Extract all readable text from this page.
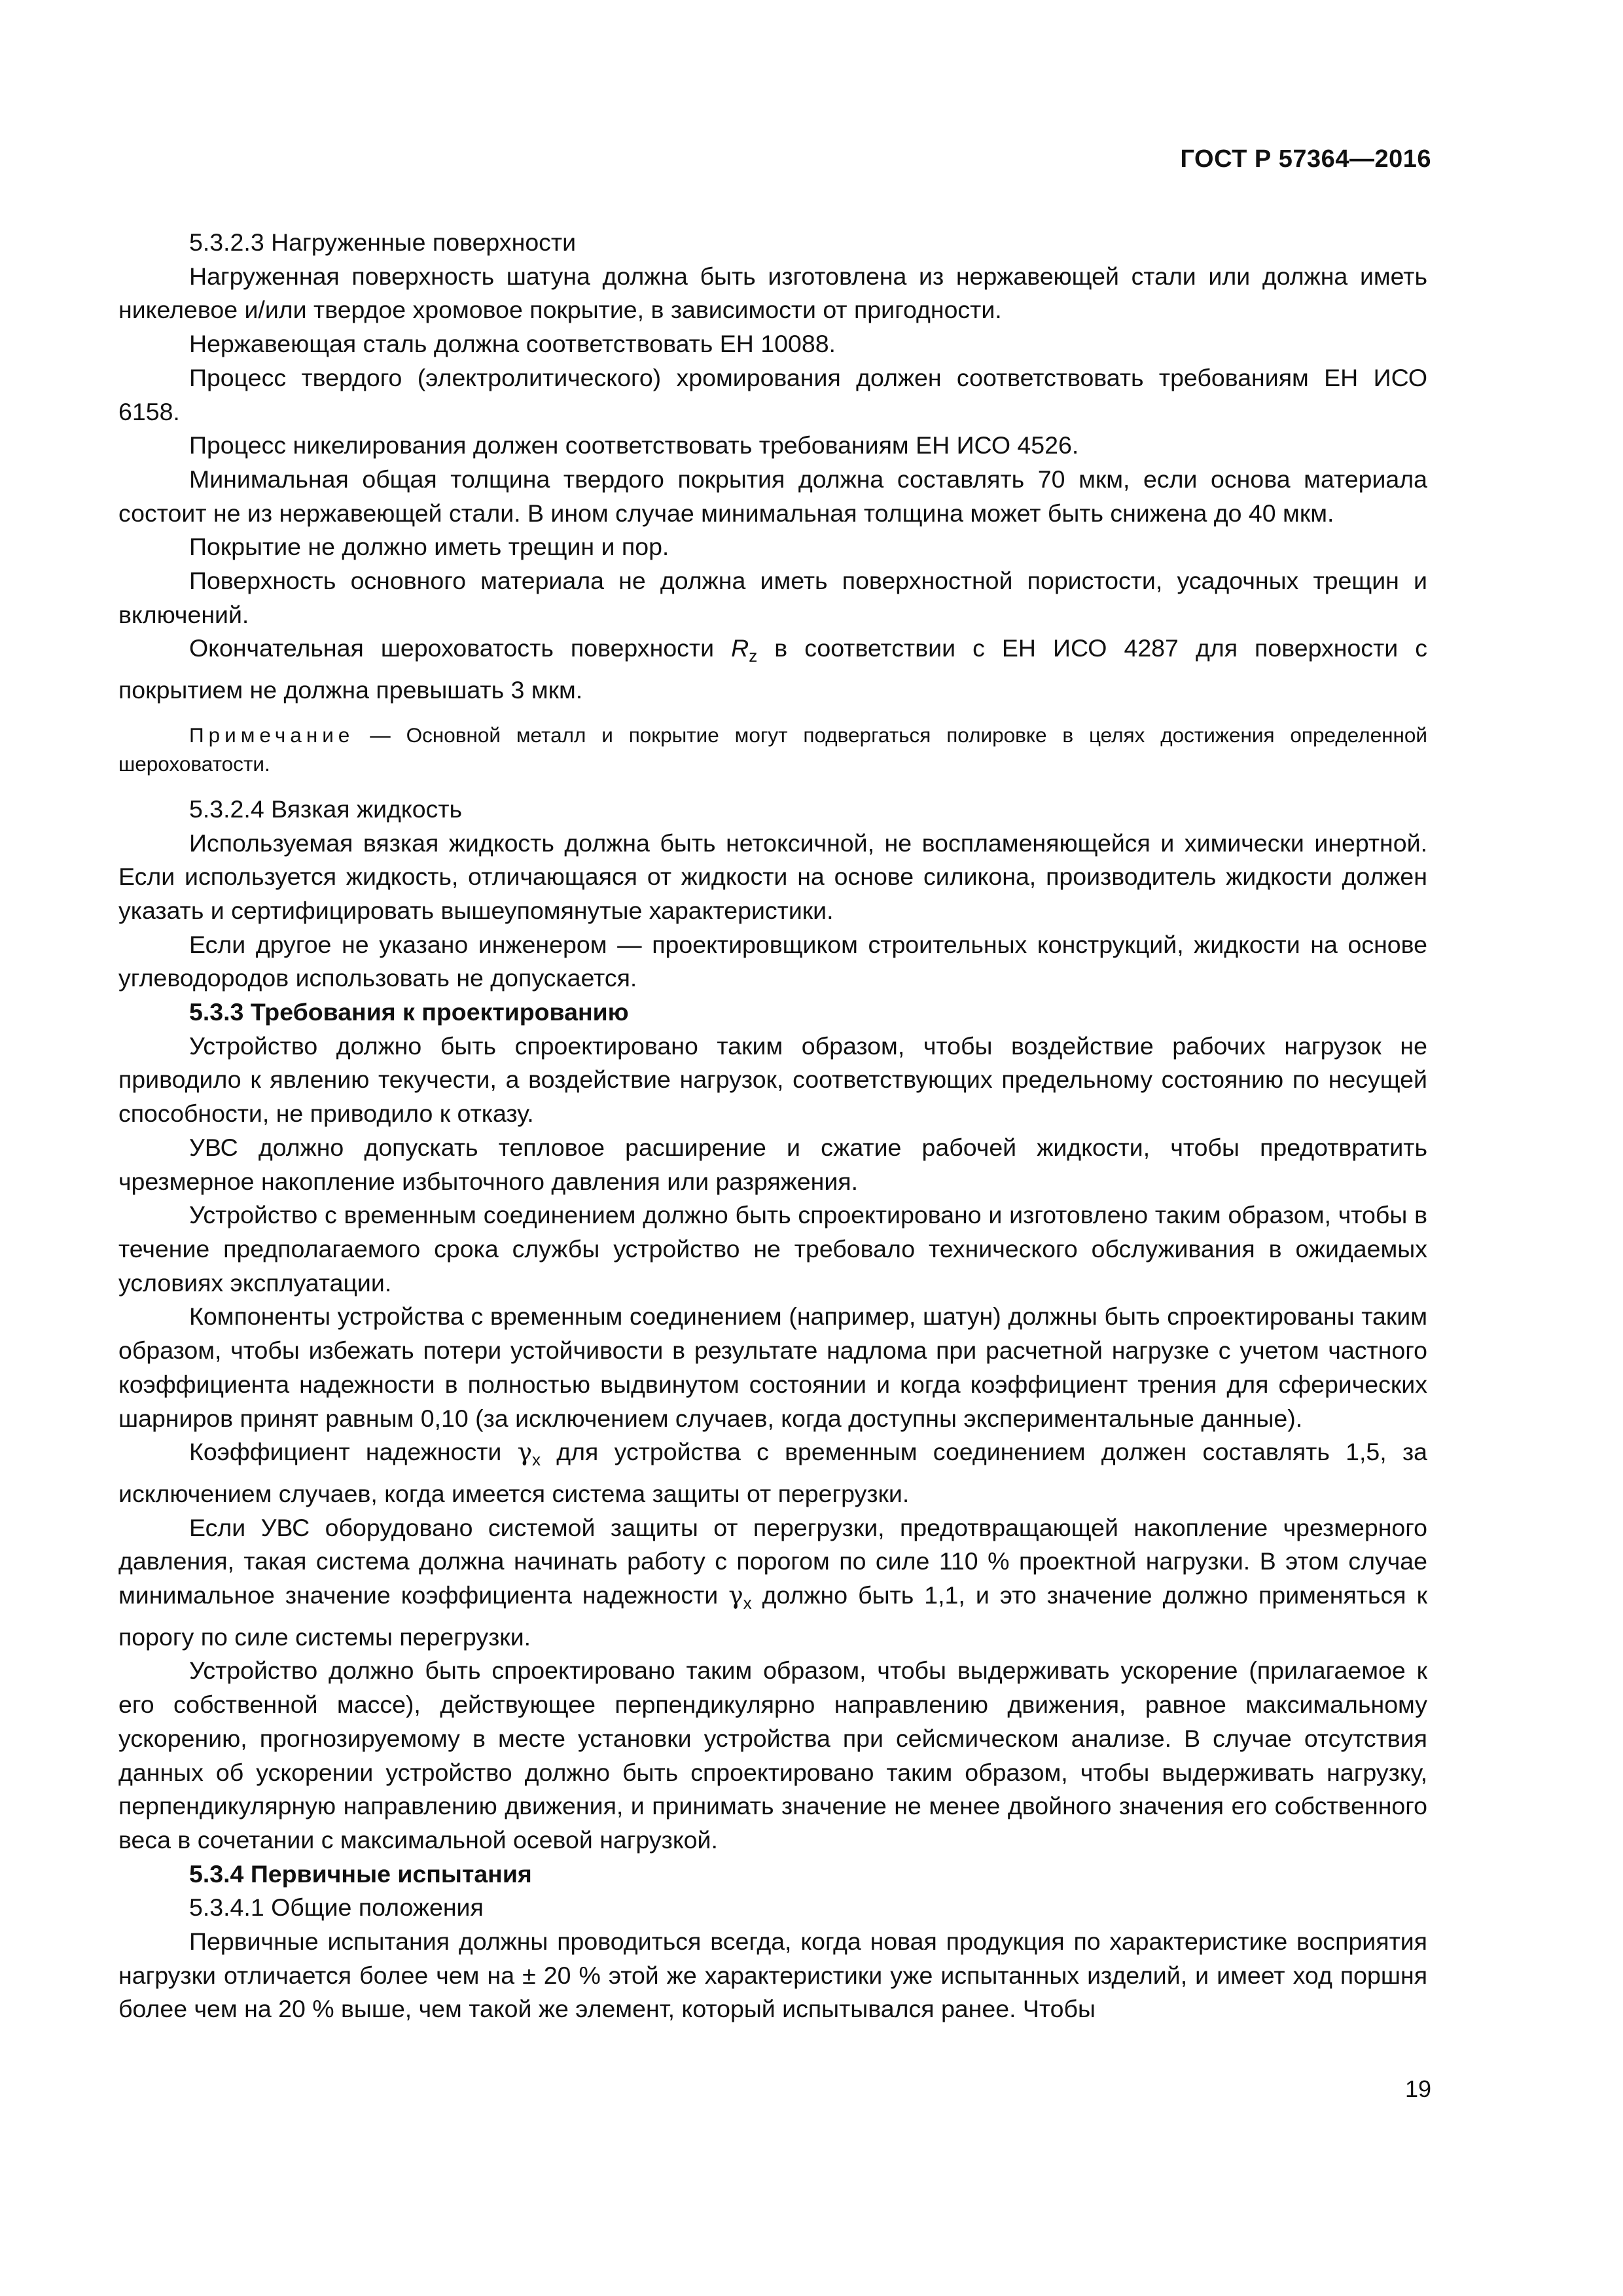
ГОСТ Р 57364—2016

5.3.2.3 Нагруженные поверхности

Нагруженная поверхность шатуна должна быть изготовлена из нержавеющей стали или должна иметь никелевое и/или твердое хромовое покрытие, в зависимости от пригодности.

Нержавеющая сталь должна соответствовать ЕН 10088.

Процесс твердого (электролитического) хромирования должен соответствовать требованиям ЕН ИСО 6158.

Процесс никелирования должен соответствовать требованиям ЕН ИСО 4526.

Минимальная общая толщина твердого покрытия должна составлять 70 мкм, если основа материала состоит не из нержавеющей стали. В ином случае минимальная толщина может быть снижена до 40 мкм.

Покрытие не должно иметь трещин и пор.

Поверхность основного материала не должна иметь поверхностной пористости, усадочных трещин и включений.

Окончательная шероховатость поверхности $R_z$ в соответствии с ЕН ИСО 4287 для поверхности с покрытием не должна превышать 3 мкм.

Примечание — Основной металл и покрытие могут подвергаться полировке в целях достижения определенной шероховатости.

5.3.2.4 Вязкая жидкость

Используемая вязкая жидкость должна быть нетоксичной, не воспламеняющейся и химически инертной. Если используется жидкость, отличающаяся от жидкости на основе силикона, производитель жидкости должен указать и сертифицировать вышеупомянутые характеристики.

Если другое не указано инженером — проектировщиком строительных конструкций, жидкости на основе углеводородов использовать не допускается.

5.3.3 Требования к проектированию

Устройство должно быть спроектировано таким образом, чтобы воздействие рабочих нагрузок не приводило к явлению текучести, а воздействие нагрузок, соответствующих предельному состоянию по несущей способности, не приводило к отказу.

УВС должно допускать тепловое расширение и сжатие рабочей жидкости, чтобы предотвратить чрезмерное накопление избыточного давления или разряжения.

Устройство с временным соединением должно быть спроектировано и изготовлено таким образом, чтобы в течение предполагаемого срока службы устройство не требовало технического обслуживания в ожидаемых условиях эксплуатации.

Компоненты устройства с временным соединением (например, шатун) должны быть спроектированы таким образом, чтобы избежать потери устойчивости в результате надлома при расчетной нагрузке с учетом частного коэффициента надежности в полностью выдвинутом состоянии и когда коэффициент трения для сферических шарниров принят равным 0,10 (за исключением случаев, когда доступны экспериментальные данные).

Коэффициент надежности $\gamma_x$ для устройства с временным соединением должен составлять 1,5, за исключением случаев, когда имеется система защиты от перегрузки.

Если УВС оборудовано системой защиты от перегрузки, предотвращающей накопление чрезмерного давления, такая система должна начинать работу с порогом по силе 110 % проектной нагрузки. В этом случае минимальное значение коэффициента надежности $\gamma_x$ должно быть 1,1, и это значение должно применяться к порогу по силе системы перегрузки.

Устройство должно быть спроектировано таким образом, чтобы выдерживать ускорение (прилагаемое к его собственной массе), действующее перпендикулярно направлению движения, равное максимальному ускорению, прогнозируемому в месте установки устройства при сейсмическом анализе. В случае отсутствия данных об ускорении устройство должно быть спроектировано таким образом, чтобы выдерживать нагрузку, перпендикулярную направлению движения, и принимать значение не менее двойного значения его собственного веса в сочетании с максимальной осевой нагрузкой.

5.3.4 Первичные испытания

5.3.4.1 Общие положения

Первичные испытания должны проводиться всегда, когда новая продукция по характеристике восприятия нагрузки отличается более чем на ± 20 % этой же характеристики уже испытанных изделий, и имеет ход поршня более чем на 20 % выше, чем такой же элемент, который испытывался ранее. Чтобы

19
